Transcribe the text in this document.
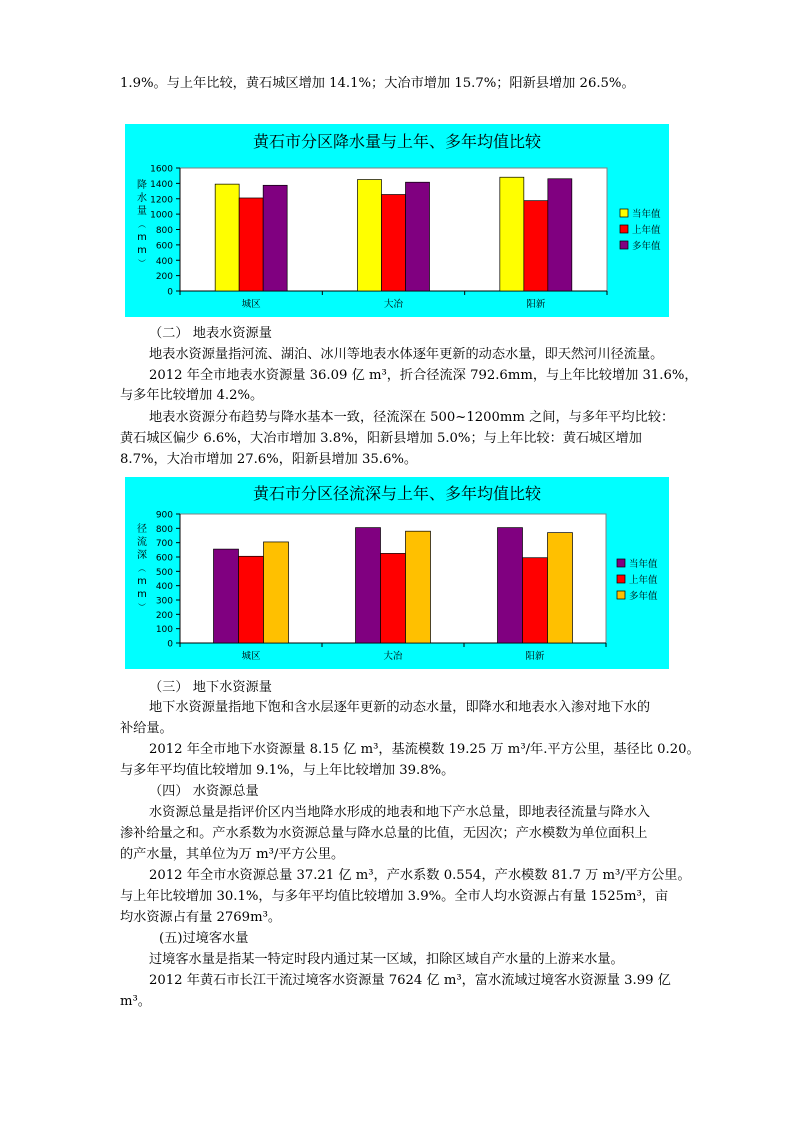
1.9%。与上年比较，黄石城区增加 14.1%；大冶市增加 15.7%；阳新县增加 26.5%。
黄石市分区降水量与上年、多年均值比较
0
200
400
600
800
1000
1200
1400
1600
降水量︵ m m ︶
城区	大冶	阳新
当年值
上年值
多年值
（二） 地表水资源量
地表水资源量指河流、湖泊、冰川等地表水体逐年更新的动态水量，即天然河川径流量。
2012 年全市地表水资源量 36.09 亿 m³，折合径流深 792.6mm，与上年比较增加 31.6%，
与多年比较增加 4.2%。
地表水资源分布趋势与降水基本一致，径流深在 500~1200mm 之间，与多年平均比较：
黄石城区偏少 6.6%，大冶市增加 3.8%，阳新县增加 5.0%；与上年比较：黄石城区增加
8.7%，大冶市增加 27.6%，阳新县增加 35.6%。
黄石市分区径流深与上年、多年均值比较
0
100
200
300
400
500
600
700
800
900
径流深︵ m m ︶
城区	大冶	阳新
当年值
上年值
多年值
（三） 地下水资源量
地下水资源量指地下饱和含水层逐年更新的动态水量，即降水和地表水入渗对地下水的
补给量。
2012 年全市地下水资源量 8.15 亿 m³，基流模数 19.25 万 m³/年.平方公里，基径比 0.20。
与多年平均值比较增加 9.1%，与上年比较增加 39.8%。
（四） 水资源总量
水资源总量是指评价区内当地降水形成的地表和地下产水总量，即地表径流量与降水入
渗补给量之和。产水系数为水资源总量与降水总量的比值，无因次；产水模数为单位面积上
的产水量，其单位为万 m³/平方公里。
2012 年全市水资源总量 37.21 亿 m³，产水系数 0.554，产水模数 81.7 万 m³/平方公里。
与上年比较增加 30.1%，与多年平均值比较增加 3.9%。全市人均水资源占有量 1525m³，亩
均水资源占有量 2769m³。
(五)过境客水量
过境客水量是指某一特定时段内通过某一区域，扣除区域自产水量的上游来水量。
2012 年黄石市长江干流过境客水资源量 7624 亿 m³，富水流域过境客水资源量 3.99 亿
m³。
